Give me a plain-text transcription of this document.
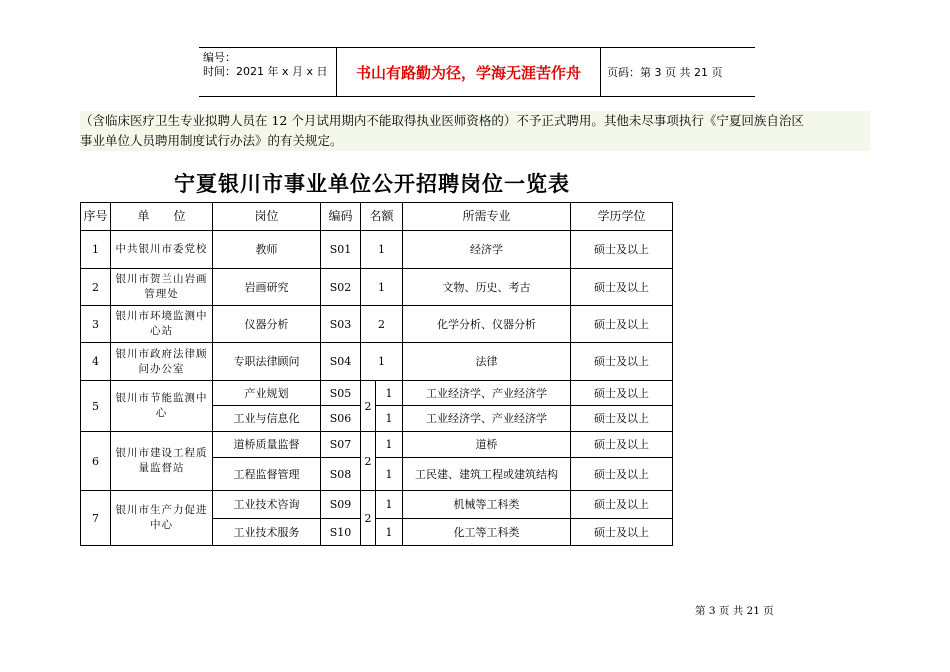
编号：
时间：2021 年 x 月 x 日	书山有路勤为径，学海无涯苦作舟	页码：第 3 页 共 21 页
（含临床医疗卫生专业拟聘人员在 12 个月试用期内不能取得执业医师资格的）不予正式聘用。其他未尽事项执行《宁夏回族自治区
事业单位人员聘用制度试行办法》的有关规定。
宁夏银川市事业单位公开招聘岗位一览表
序号	单　　位	岗位	编码	名额		所需专业	学历学位
1	中共银川市委党校	教师	S01	1		经济学	硕士及以上
2	银川市贺兰山岩画管理处	岩画研究	S02	1		文物、历史、考古	硕士及以上
3	银川市环境监测中心站	仪器分析	S03	2		化学分析、仪器分析	硕士及以上
4	银川市政府法律顾问办公室	专职法律顾问	S04	1		法律	硕士及以上
5	银川市节能监测中心	产业规划	S05	2	1	工业经济学、产业经济学	硕士及以上
		工业与信息化	S06		1	工业经济学、产业经济学	硕士及以上
6	银川市建设工程质量监督站	道桥质量监督	S07	2	1	道桥	硕士及以上
		工程监督管理	S08		1	工民建、建筑工程或建筑结构	硕士及以上
7	银川市生产力促进中心	工业技术咨询	S09	2	1	机械等工科类	硕士及以上
		工业技术服务	S10		1	化工等工科类	硕士及以上
第 3 页 共 21 页
